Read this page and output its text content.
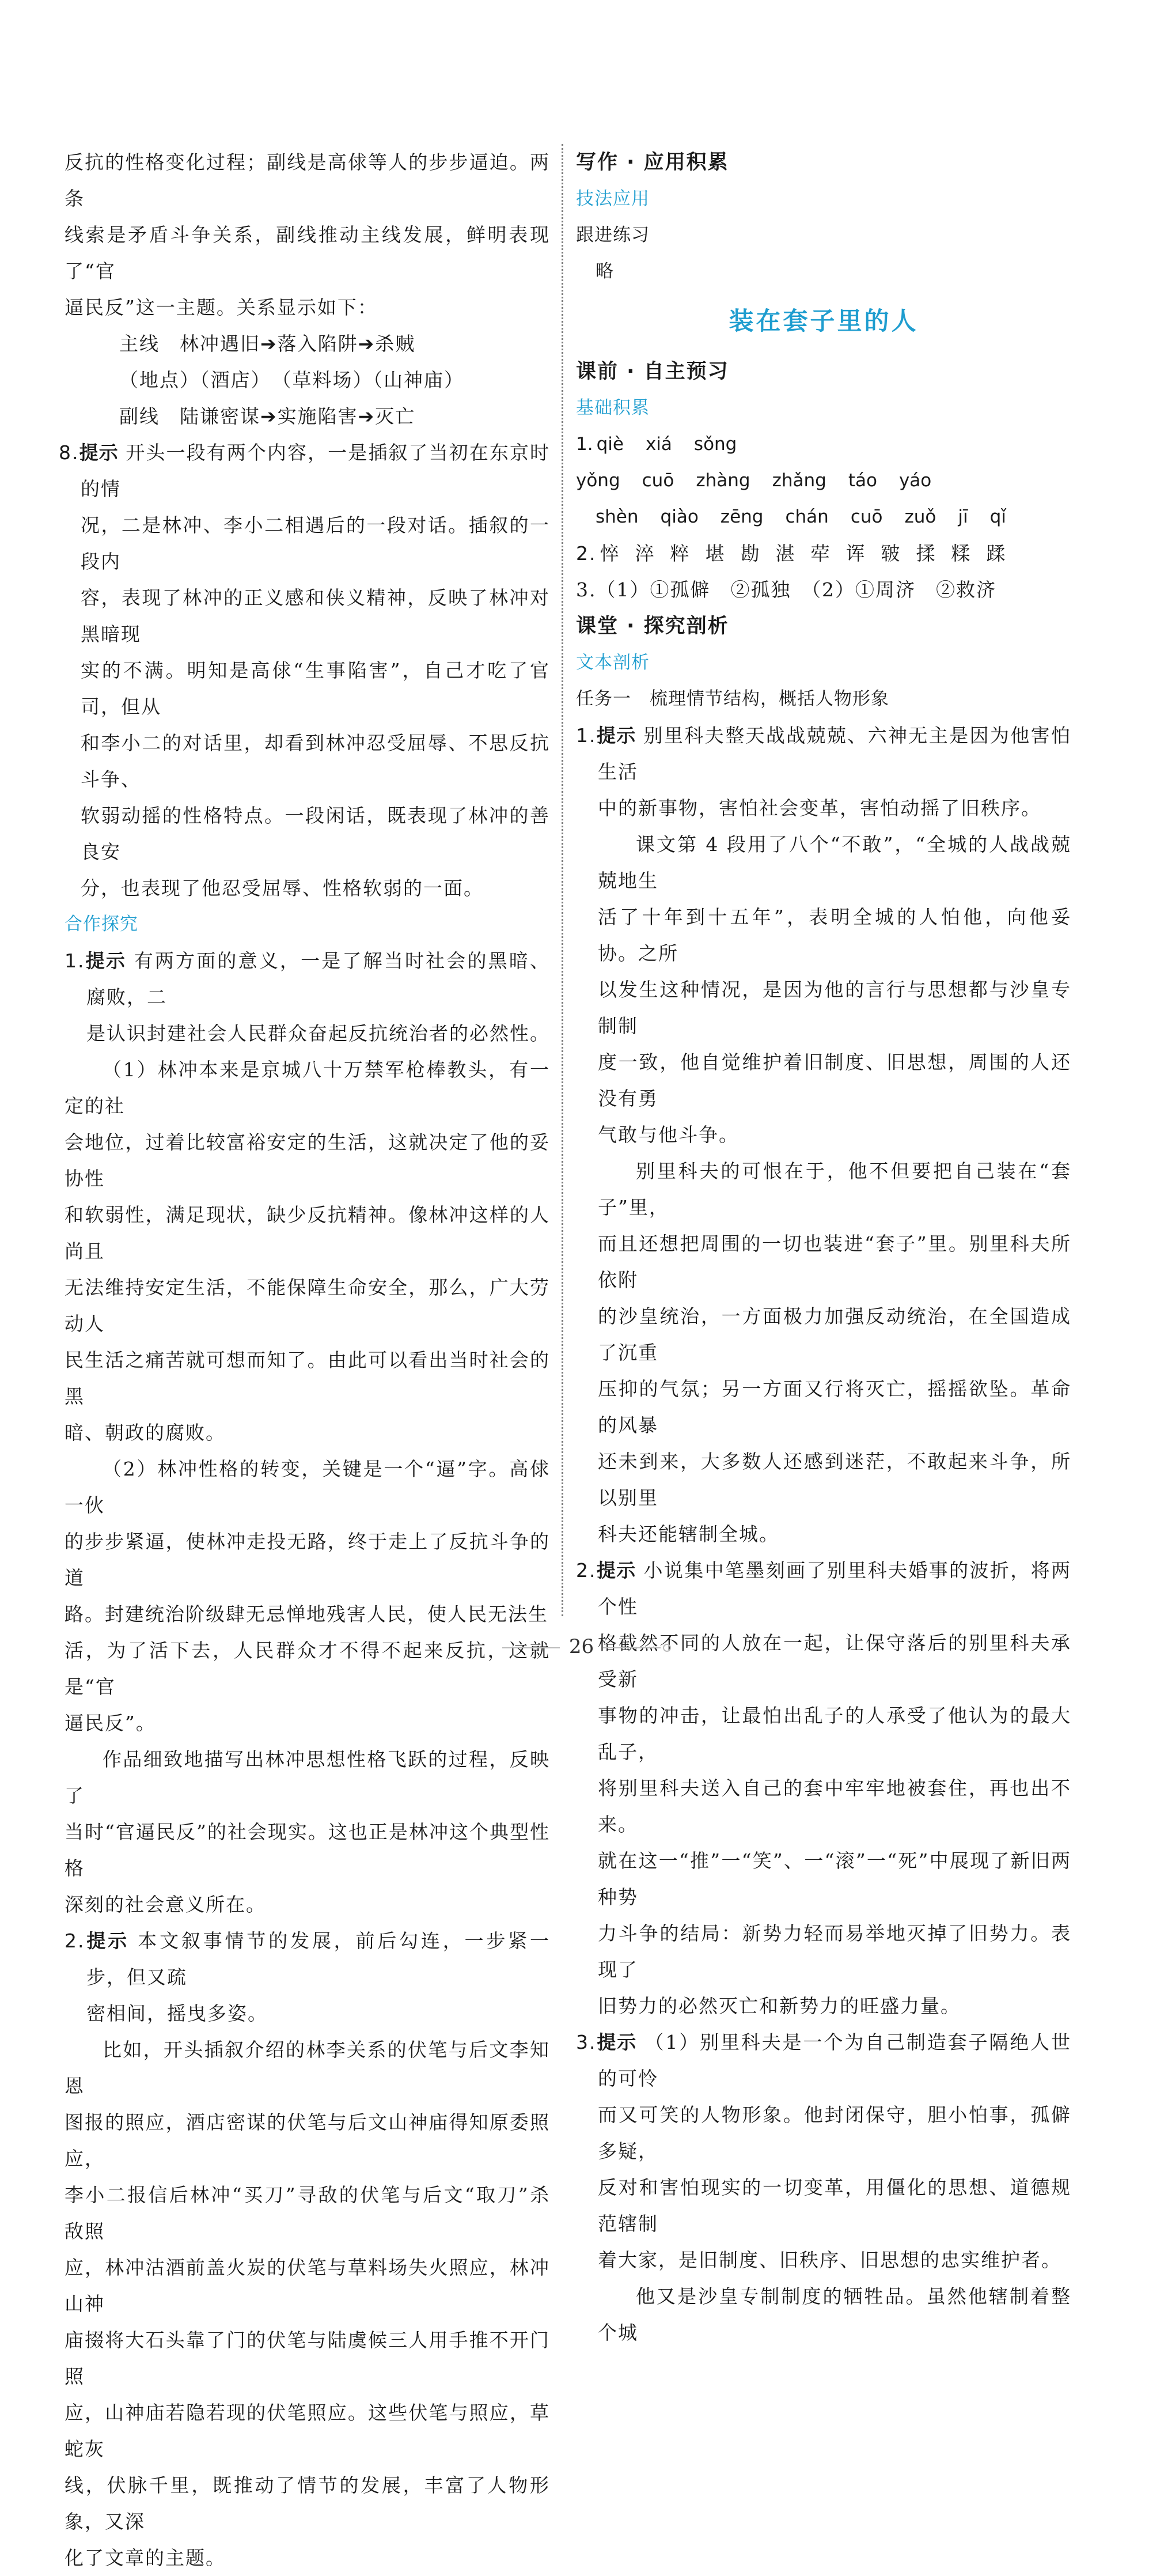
反抗的性格变化过程；副线是高俅等人的步步逼迫。两条
线索是矛盾斗争关系，副线推动主线发展，鲜明表现了“官
逼民反”这一主题。关系显示如下：

主线　 林冲遇旧➔落入陷阱➔杀贼

（地点）（酒店）　（草料场）（山神庙）

副线　 陆谦密谋➔实施陷害➔灭亡

8.提示 开头一段有两个内容，一是插叙了当初在东京时的情
况，二是林冲、李小二相遇后的一段对话。插叙的一段内
容，表现了林冲的正义感和侠义精神，反映了林冲对黑暗现
实的不满。明知是高俅“生事陷害”，自己才吃了官司，但从
和李小二的对话里，却看到林冲忍受屈辱、不思反抗斗争、
软弱动摇的性格特点。一段闲话，既表现了林冲的善良安
分，也表现了他忍受屈辱、性格软弱的一面。

合作探究

1.提示 有两方面的意义，一是了解当时社会的黑暗、腐败，二
是认识封建社会人民群众奋起反抗统治者的必然性。

（1）林冲本来是京城八十万禁军枪棒教头，有一定的社
会地位，过着比较富裕安定的生活，这就决定了他的妥协性
和软弱性，满足现状，缺少反抗精神。像林冲这样的人尚且
无法维持安定生活，不能保障生命安全，那么，广大劳动人
民生活之痛苦就可想而知了。由此可以看出当时社会的黑
暗、朝政的腐败。

（2）林冲性格的转变，关键是一个“逼”字。高俅一伙
的步步紧逼，使林冲走投无路，终于走上了反抗斗争的道
路。封建统治阶级肆无忌惮地残害人民，使人民无法生
活，为了活下去，人民群众才不得不起来反抗，这就是“官
逼民反”。

作品细致地描写出林冲思想性格飞跃的过程，反映了
当时“官逼民反”的社会现实。这也正是林冲这个典型性格
深刻的社会意义所在。

2.提示 本文叙事情节的发展，前后勾连，一步紧一步，但又疏
密相间，摇曳多姿。

比如，开头插叙介绍的林李关系的伏笔与后文李知恩
图报的照应，酒店密谋的伏笔与后文山神庙得知原委照应，
李小二报信后林冲“买刀”寻敌的伏笔与后文“取刀”杀敌照
应，林冲沽酒前盖火炭的伏笔与草料场失火照应，林冲山神
庙掇将大石头靠了门的伏笔与陆虞候三人用手推不开门照
应，山神庙若隐若现的伏笔照应。这些伏笔与照应，草蛇灰
线，伏脉千里，既推动了情节的发展，丰富了人物形象，又深
化了文章的主题。

写作 · 应用积累

技法应用

跟进练习

略

装在套子里的人

课前 · 自主预习

基础积累

1. qiè xiá sǒng yǒng cuō zhàng zhǎng táo yáo

shèn qiào zēng chán cuō zuǒ jī qǐ

2. 悴 淬 粹 堪 勘 湛 荦 诨 皲 揉 糅 蹂

3.（1）①孤僻　②孤独　（2）①周济　②救济

课堂 · 探究剖析

文本剖析

任务一　梳理情节结构，概括人物形象

1.提示 别里科夫整天战战兢兢、六神无主是因为他害怕生活
中的新事物，害怕社会变革，害怕动摇了旧秩序。

课文第 4 段用了八个“不敢”，“全城的人战战兢兢地生
活了十年到十五年”，表明全城的人怕他，向他妥协。之所
以发生这种情况，是因为他的言行与思想都与沙皇专制制
度一致，他自觉维护着旧制度、旧思想，周围的人还没有勇
气敢与他斗争。

别里科夫的可恨在于，他不但要把自己装在“套子”里，
而且还想把周围的一切也装进“套子”里。别里科夫所依附
的沙皇统治，一方面极力加强反动统治，在全国造成了沉重
压抑的气氛；另一方面又行将灭亡，摇摇欲坠。革命的风暴
还未到来，大多数人还感到迷茫，不敢起来斗争，所以别里
科夫还能辖制全城。

2.提示 小说集中笔墨刻画了别里科夫婚事的波折，将两个性
格截然不同的人放在一起，让保守落后的别里科夫承受新
事物的冲击，让最怕出乱子的人承受了他认为的最大乱子，
将别里科夫送入自己的套中牢牢地被套住，再也出不来。
就在这一“推”一“笑”、一“滚”一“死”中展现了新旧两种势
力斗争的结局：新势力轻而易举地灭掉了旧势力。表现了
旧势力的必然灭亡和新势力的旺盛力量。

3.提示 （1）别里科夫是一个为自己制造套子隔绝人世的可怜
而又可笑的人物形象。他封闭保守，胆小怕事，孤僻多疑，
反对和害怕现实的一切变革，用僵化的思想、道德规范辖制
着大家，是旧制度、旧秩序、旧思想的忠实维护者。

他又是沙皇专制制度的牺牲品。虽然他辖制着整个城

26
